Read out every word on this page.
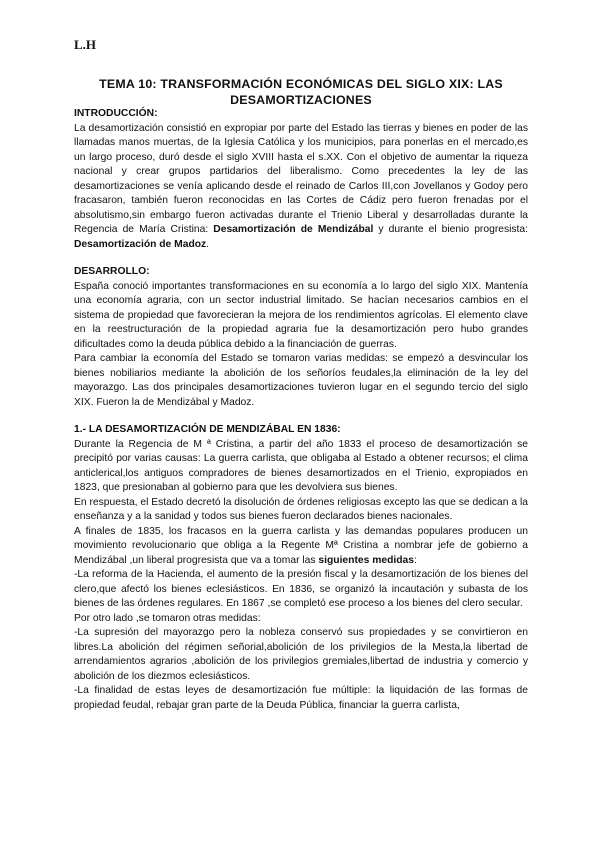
L.H
TEMA 10: TRANSFORMACIÓN ECONÓMICAS DEL SIGLO XIX: LAS DESAMORTIZACIONES

INTRODUCCIÓN:

La desamortización consistió en expropiar por parte del Estado las tierras y bienes en poder de las llamadas manos muertas, de la Iglesia Católica y los municipios, para ponerlas en el mercado,es un largo proceso, duró desde el siglo XVIII hasta el s.XX. Con el objetivo de aumentar la riqueza nacional y crear grupos partidarios del liberalismo. Como precedentes la ley de las desamortizaciones se venía aplicando desde el reinado de Carlos III,con Jovellanos y Godoy pero fracasaron, también fueron reconocidas en las Cortes de Cádiz pero fueron frenadas por el absolutismo,sin embargo fueron activadas durante el Trienio Liberal y desarrolladas durante la Regencia de María Cristina: Desamortización de Mendizábal y durante el bienio progresista: Desamortización de Madoz.

DESARROLLO:

España conoció importantes transformaciones en su economía a lo largo del siglo XIX. Mantenía una economía agraria, con un sector industrial limitado. Se hacían necesarios cambios en el sistema de propiedad que favorecieran la mejora de los rendimientos agrícolas. El elemento clave en la reestructuración de la propiedad agraria fue la desamortización pero hubo grandes dificultades como la deuda pública debido a la financiación de guerras.

Para cambiar la economía del Estado se tomaron varias medidas: se empezó a desvincular los bienes nobiliarios mediante la abolición de los señoríos feudales,la eliminación de la ley del mayorazgo. Las dos principales desamortizaciones tuvieron lugar en el segundo tercio del siglo XIX. Fueron la de Mendizábal y Madoz.

1.- LA DESAMORTIZACIÓN DE MENDIZÁBAL EN 1836:

Durante la Regencia de M ª Cristina, a partir del año 1833 el proceso de desamortización se precipitó por varias causas: La guerra carlista, que obligaba al Estado a obtener recursos; el clima anticlerical,los antiguos compradores de bienes desamortizados en el Trienio, expropiados en 1823, que presionaban al gobierno para que les devolviera sus bienes.

En respuesta, el Estado decretó la disolución de órdenes religiosas excepto las que se dedican a la enseñanza y a la sanidad y todos sus bienes fueron declarados bienes nacionales.

A finales de 1835, los fracasos en la guerra carlista y las demandas populares producen un movimiento revolucionario que obliga a la Regente Mª Cristina a nombrar jefe de gobierno a Mendizábal ,un liberal progresista que va a tomar las siguientes medidas:

-La reforma de la Hacienda, el aumento de la presión fiscal y la desamortización de los bienes del clero,que afectó los bienes eclesiásticos. En 1836, se organizó la incautación y subasta de los bienes de las órdenes regulares. En 1867 ,se completó ese proceso a los bienes del clero secular.

Por otro lado ,se tomaron otras medidas:

-La supresión del mayorazgo pero la nobleza conservó sus propiedades y se convirtieron en libres.La abolición del régimen señorial,abolición de los privilegios de la Mesta,la libertad de arrendamientos agrarios ,abolición de los privilegios gremiales,libertad de industria y comercio y abolición de los diezmos eclesiásticos.

-La finalidad de estas leyes de desamortización fue múltiple: la liquidación de las formas de propiedad feudal, rebajar gran parte de la Deuda Pública, financiar la guerra carlista,
